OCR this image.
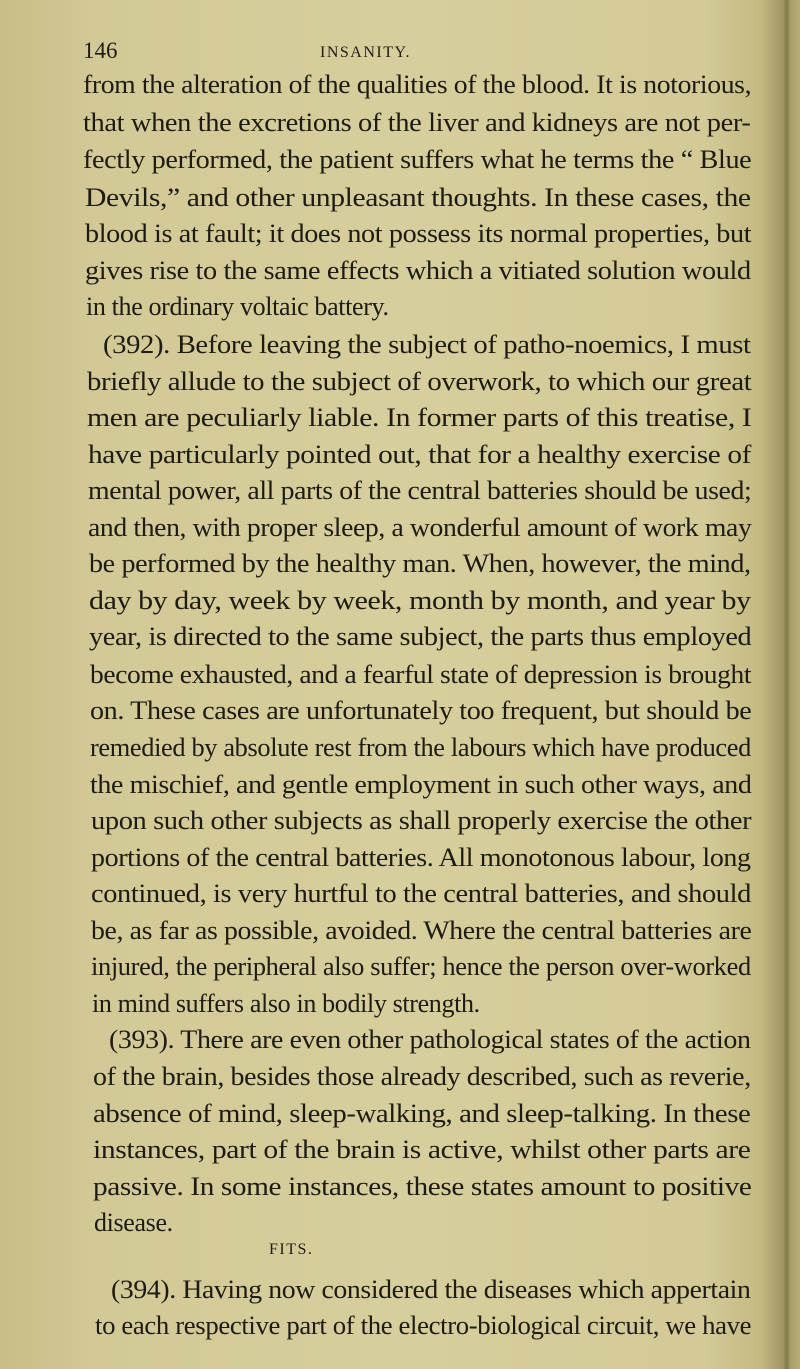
146	INSANITY.
from the alteration of the qualities of the blood. It is notorious,
that when the excretions of the liver and kidneys are not per-
fectly performed, the patient suffers what he terms the “ Blue
Devils,” and other unpleasant thoughts. In these cases, the
blood is at fault; it does not possess its normal properties, but
gives rise to the same effects which a vitiated solution would
in the ordinary voltaic battery.
(392). Before leaving the subject of patho-noemics, I must
briefly allude to the subject of overwork, to which our great
men are peculiarly liable. In former parts of this treatise, I
have particularly pointed out, that for a healthy exercise of
mental power, all parts of the central batteries should be used;
and then, with proper sleep, a wonderful amount of work may
be performed by the healthy man. When, however, the mind,
day by day, week by week, month by month, and year by
year, is directed to the same subject, the parts thus employed
become exhausted, and a fearful state of depression is brought
on. These cases are unfortunately too frequent, but should be
remedied by absolute rest from the labours which have produced
the mischief, and gentle employment in such other ways, and
upon such other subjects as shall properly exercise the other
portions of the central batteries. All monotonous labour, long
continued, is very hurtful to the central batteries, and should
be, as far as possible, avoided. Where the central batteries are
injured, the peripheral also suffer; hence the person over-worked
in mind suffers also in bodily strength.
(393). There are even other pathological states of the action
of the brain, besides those already described, such as reverie,
absence of mind, sleep-walking, and sleep-talking. In these
instances, part of the brain is active, whilst other parts are
passive. In some instances, these states amount to positive
disease.
(394). Having now considered the diseases which appertain
to each respective part of the electro-biological circuit, we have
FITS.
